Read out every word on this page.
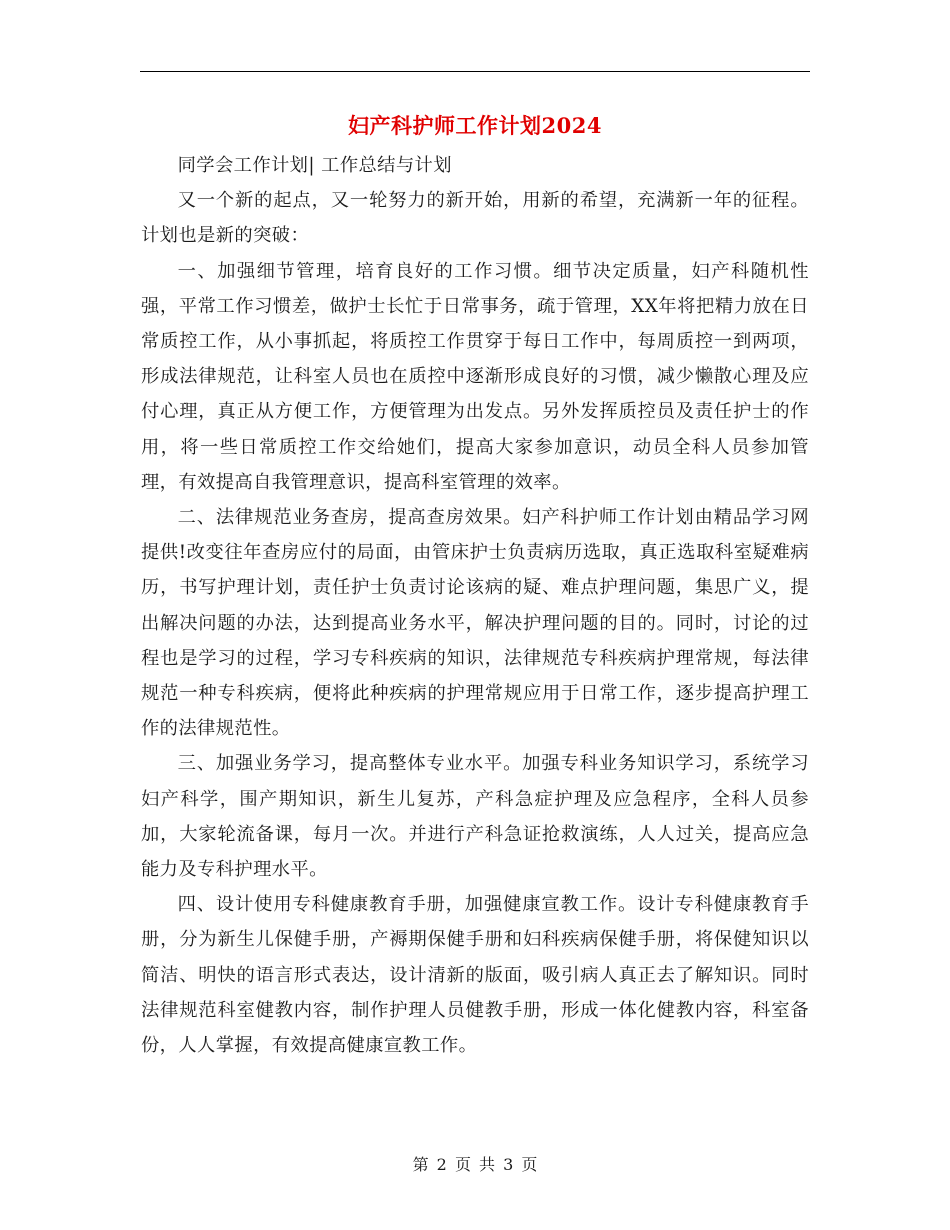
妇产科护师工作计划2024

同学会工作计划| 工作总结与计划

又一个新的起点，又一轮努力的新开始，用新的希望，充满新一年的征程。计划也是新的突破：

一、加强细节管理，培育良好的工作习惯。细节决定质量，妇产科随机性强，平常工作习惯差，做护士长忙于日常事务，疏于管理，XX年将把精力放在日常质控工作，从小事抓起，将质控工作贯穿于每日工作中，每周质控一到两项，形成法律规范，让科室人员也在质控中逐渐形成良好的习惯，减少懒散心理及应付心理，真正从方便工作，方便管理为出发点。另外发挥质控员及责任护士的作用，将一些日常质控工作交给她们，提高大家参加意识，动员全科人员参加管理，有效提高自我管理意识，提高科室管理的效率。

二、法律规范业务查房，提高查房效果。妇产科护师工作计划由精品学习网提供!改变往年查房应付的局面，由管床护士负责病历选取，真正选取科室疑难病历，书写护理计划，责任护士负责讨论该病的疑、难点护理问题，集思广义，提出解决问题的办法，达到提高业务水平，解决护理问题的目的。同时，讨论的过程也是学习的过程，学习专科疾病的知识，法律规范专科疾病护理常规，每法律规范一种专科疾病，便将此种疾病的护理常规应用于日常工作，逐步提高护理工作的法律规范性。

三、加强业务学习，提高整体专业水平。加强专科业务知识学习，系统学习妇产科学，围产期知识，新生儿复苏，产科急症护理及应急程序，全科人员参加，大家轮流备课，每月一次。并进行产科急证抢救演练，人人过关，提高应急能力及专科护理水平。

四、设计使用专科健康教育手册，加强健康宣教工作。设计专科健康教育手册，分为新生儿保健手册，产褥期保健手册和妇科疾病保健手册，将保健知识以简洁、明快的语言形式表达，设计清新的版面，吸引病人真正去了解知识。同时法律规范科室健教内容，制作护理人员健教手册，形成一体化健教内容，科室备份，人人掌握，有效提高健康宣教工作。

第 2 页 共 3 页
